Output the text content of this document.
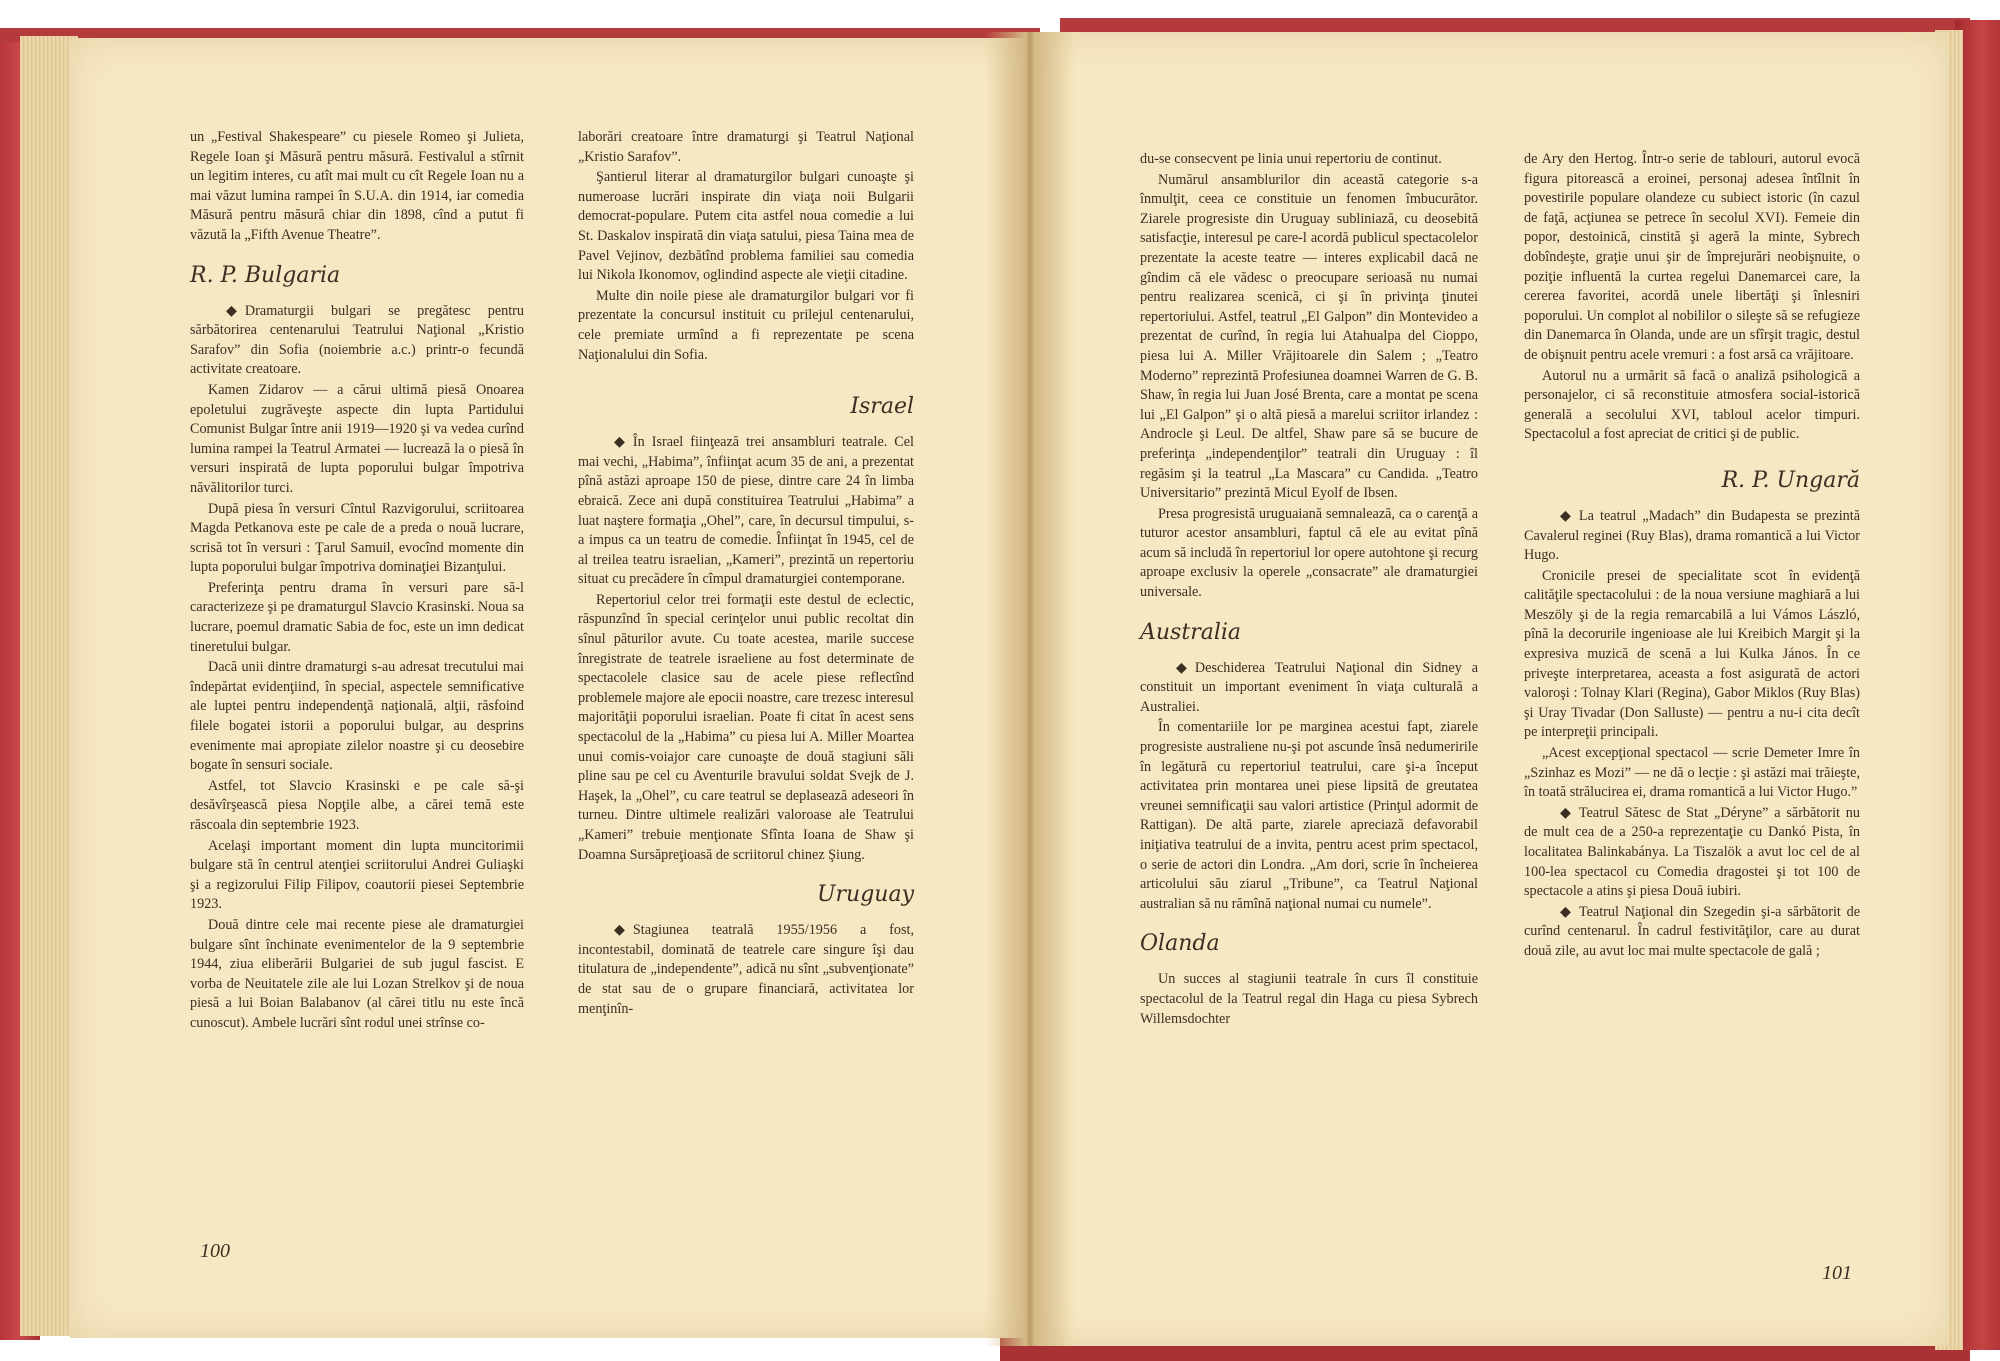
un „Festival Shakespeare” cu piesele Romeo şi Julieta, Regele Ioan şi Măsură pentru măsură. Festivalul a stîrnit un legitim interes, cu atît mai mult cu cît Regele Ioan nu a mai văzut lumina rampei în S.U.A. din 1914, iar comedia Măsură pentru măsură chiar din 1898, cînd a putut fi văzută la „Fifth Avenue Theatre”.

R. P. Bulgaria

◆ Dramaturgii bulgari se pregătesc pentru sărbătorirea centenarului Teatrului Naţional „Kristio Sarafov” din Sofia (noiembrie a.c.) printr-o fecundă activitate creatoare.

Kamen Zidarov — a cărui ultimă piesă Onoarea epoletului zugrăveşte aspecte din lupta Partidului Comunist Bulgar între anii 1919—1920 şi va vedea curînd lumina rampei la Teatrul Armatei — lucrează la o piesă în versuri inspirată de lupta poporului bulgar împotriva năvălitorilor turci.

După piesa în versuri Cîntul Razvigorului, scriitoarea Magda Petkanova este pe cale de a preda o nouă lucrare, scrisă tot în versuri : Ţarul Samuil, evocînd momente din lupta poporului bulgar împotriva dominaţiei Bizanţului.

Preferinţa pentru drama în versuri pare să-l caracterizeze şi pe dramaturgul Slavcio Krasinski. Noua sa lucrare, poemul dramatic Sabia de foc, este un imn dedicat tineretului bulgar.

Dacă unii dintre dramaturgi s-au adresat trecutului mai îndepărtat evidenţiind, în special, aspectele semnificative ale luptei pentru independenţă naţională, alţii, răsfoind filele bogatei istorii a poporului bulgar, au desprins evenimente mai apropiate zilelor noastre şi cu deosebire bogate în sensuri sociale.

Astfel, tot Slavcio Krasinski e pe cale să-şi desăvîrşească piesa Nopţile albe, a cărei temă este răscoala din septembrie 1923.

Acelaşi important moment din lupta muncitorimii bulgare stă în centrul atenţiei scriitorului Andrei Guliaşki şi a regizorului Filip Filipov, coautorii piesei Septembrie 1923.

Două dintre cele mai recente piese ale dramaturgiei bulgare sînt închinate evenimentelor de la 9 septembrie 1944, ziua eliberării Bulgariei de sub jugul fascist. E vorba de Neuitatele zile ale lui Lozan Strelkov şi de noua piesă a lui Boian Balabanov (al cărei titlu nu este încă cunoscut). Ambele lucrări sînt rodul unei strînse co-

laborări creatoare între dramaturgi şi Teatrul Naţional „Kristio Sarafov”.

Şantierul literar al dramaturgilor bulgari cunoaşte şi numeroase lucrări inspirate din viaţa noii Bulgarii democrat-populare. Putem cita astfel noua comedie a lui St. Daskalov inspirată din viaţa satului, piesa Taina mea de Pavel Vejinov, dezbătînd problema familiei sau comedia lui Nikola Ikonomov, oglindind aspecte ale vieţii citadine.

Multe din noile piese ale dramaturgilor bulgari vor fi prezentate la concursul instituit cu prilejul centenarului, cele premiate urmînd a fi reprezentate pe scena Naţionalului din Sofia.

Israel

◆ În Israel fiinţează trei ansambluri teatrale. Cel mai vechi, „Habima”, înfiinţat acum 35 de ani, a prezentat pînă astăzi aproape 150 de piese, dintre care 24 în limba ebraică. Zece ani după constituirea Teatrului „Habima” a luat naştere formaţia „Ohel”, care, în decursul timpului, s-a impus ca un teatru de comedie. Înfiinţat în 1945, cel de al treilea teatru israelian, „Kameri”, prezintă un repertoriu situat cu precădere în cîmpul dramaturgiei contemporane.

Repertoriul celor trei formaţii este destul de eclectic, răspunzînd în special cerinţelor unui public recoltat din sînul păturilor avute. Cu toate acestea, marile succese înregistrate de teatrele israeliene au fost determinate de spectacolele clasice sau de acele piese reflectînd problemele majore ale epocii noastre, care trezesc interesul majorităţii poporului israelian. Poate fi citat în acest sens spectacolul de la „Habima” cu piesa lui A. Miller Moartea unui comis-voiajor care cunoaşte de două stagiuni săli pline sau pe cel cu Aventurile bravului soldat Svejk de J. Haşek, la „Ohel”, cu care teatrul se deplasează adeseori în turneu. Dintre ultimele realizări valoroase ale Teatrului „Kameri” trebuie menţionate Sfînta Ioana de Shaw şi Doamna Sursăpreţioasă de scriitorul chinez Şiung.

Uruguay

◆ Stagiunea teatrală 1955/1956 a fost, incontestabil, dominată de teatrele care singure îşi dau titulatura de „independente”, adică nu sînt „subvenţionate” de stat sau de o grupare financiară, activitatea lor menţinîn-

100

du-se consecvent pe linia unui repertoriu de continut.

Numărul ansamblurilor din această categorie s-a înmulţit, ceea ce constituie un fenomen îmbucurător. Ziarele progresiste din Uruguay subliniază, cu deosebită satisfacţie, interesul pe care-l acordă publicul spectacolelor prezentate la aceste teatre — interes explicabil dacă ne gîndim că ele vădesc o preocupare serioasă nu numai pentru realizarea scenică, ci şi în privinţa ţinutei repertoriului. Astfel, teatrul „El Galpon” din Montevideo a prezentat de curînd, în regia lui Atahualpa del Cioppo, piesa lui A. Miller Vrăjitoarele din Salem ; „Teatro Moderno” reprezintă Profesiunea doamnei Warren de G. B. Shaw, în regia lui Juan José Brenta, care a montat pe scena lui „El Galpon” şi o altă piesă a marelui scriitor irlandez : Androcle şi Leul. De altfel, Shaw pare să se bucure de preferinţa „independenţilor” teatrali din Uruguay : îl regăsim şi la teatrul „La Mascara” cu Candida. „Teatro Universitario” prezintă Micul Eyolf de Ibsen.

Presa progresistă uruguaiană semnalează, ca o carenţă a tuturor acestor ansambluri, faptul că ele au evitat pînă acum să includă în repertoriul lor opere autohtone şi recurg aproape exclusiv la operele „consacrate” ale dramaturgiei universale.

Australia

◆ Deschiderea Teatrului Naţional din Sidney a constituit un important eveniment în viaţa culturală a Australiei.

În comentariile lor pe marginea acestui fapt, ziarele progresiste australiene nu-şi pot ascunde însă nedumeririle în legătură cu repertoriul teatrului, care şi-a început activitatea prin montarea unei piese lipsită de greutatea vreunei semnificaţii sau valori artistice (Prinţul adormit de Rattigan). De altă parte, ziarele apreciază defavorabil iniţiativa teatrului de a invita, pentru acest prim spectacol, o serie de actori din Londra. „Am dori, scrie în încheierea articolului său ziarul „Tribune”, ca Teatrul Naţional australian să nu rămînă naţional numai cu numele”.

Olanda

Un succes al stagiunii teatrale în curs îl constituie spectacolul de la Teatrul regal din Haga cu piesa Sybrech Willemsdochter

de Ary den Hertog. Într-o serie de tablouri, autorul evocă figura pitorească a eroinei, personaj adesea întîlnit în povestirile populare olandeze cu subiect istoric (în cazul de faţă, acţiunea se petrece în secolul XVI). Femeie din popor, destoinică, cinstită şi ageră la minte, Sybrech dobîndeşte, graţie unui şir de împrejurări neobişnuite, o poziţie influentă la curtea regelui Danemarcei care, la cererea favoritei, acordă unele libertăţi şi înlesniri poporului. Un complot al nobililor o sileşte să se refugieze din Danemarca în Olanda, unde are un sfîrşit tragic, destul de obişnuit pentru acele vremuri : a fost arsă ca vrăjitoare.

Autorul nu a urmărit să facă o analiză psihologică a personajelor, ci să reconstituie atmosfera social-istorică generală a secolului XVI, tabloul acelor timpuri. Spectacolul a fost apreciat de critici şi de public.

R. P. Ungară

◆ La teatrul „Madach” din Budapesta se prezintă Cavalerul reginei (Ruy Blas), drama romantică a lui Victor Hugo.

Cronicile presei de specialitate scot în evidenţă calităţile spectacolului : de la noua versiune maghiară a lui Meszöly şi de la regia remarcabilă a lui Vámos László, pînă la decorurile ingenioase ale lui Kreibich Margit şi la expresiva muzică de scenă a lui Kulka János. În ce priveşte interpretarea, aceasta a fost asigurată de actori valoroşi : Tolnay Klari (Regina), Gabor Miklos (Ruy Blas) şi Uray Tivadar (Don Salluste) — pentru a nu-i cita decît pe interpreţii principali.

„Acest excepţional spectacol — scrie Demeter Imre în „Szinhaz es Mozi” — ne dă o lecţie : şi astăzi mai trăieşte, în toată strălucirea ei, drama romantică a lui Victor Hugo.”

◆ Teatrul Sătesc de Stat „Déryne” a sărbătorit nu de mult cea de a 250-a reprezentaţie cu Dankó Pista, în localitatea Balinkabánya. La Tiszalök a avut loc cel de al 100-lea spectacol cu Comedia dragostei şi tot 100 de spectacole a atins şi piesa Două iubiri.

◆ Teatrul Naţional din Szegedin şi-a sărbătorit de curînd centenarul. În cadrul festivităţilor, care au durat două zile, au avut loc mai multe spectacole de gală ;

101
